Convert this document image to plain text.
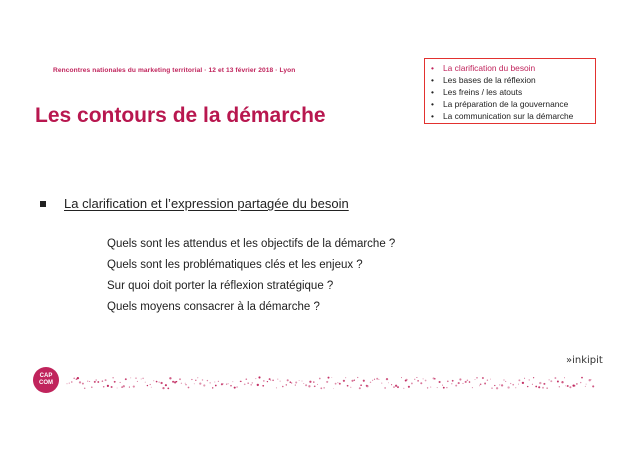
Rencontres nationales du marketing territorial · 12 et 13 février 2018 · Lyon
Les contours de la démarche
• La clarification du besoin
• Les bases de la réflexion
• Les freins / les atouts
• La préparation de la gouvernance
• La communication sur la démarche
La clarification et l’expression partagée du besoin
Quels sont les attendus et les objectifs de la démarche ?
Quels sont les problématiques clés et les enjeux ?
Sur quoi doit porter la réflexion stratégique ?
Quels moyens consacrer à la démarche ?
»inkipit
CAP
COM
